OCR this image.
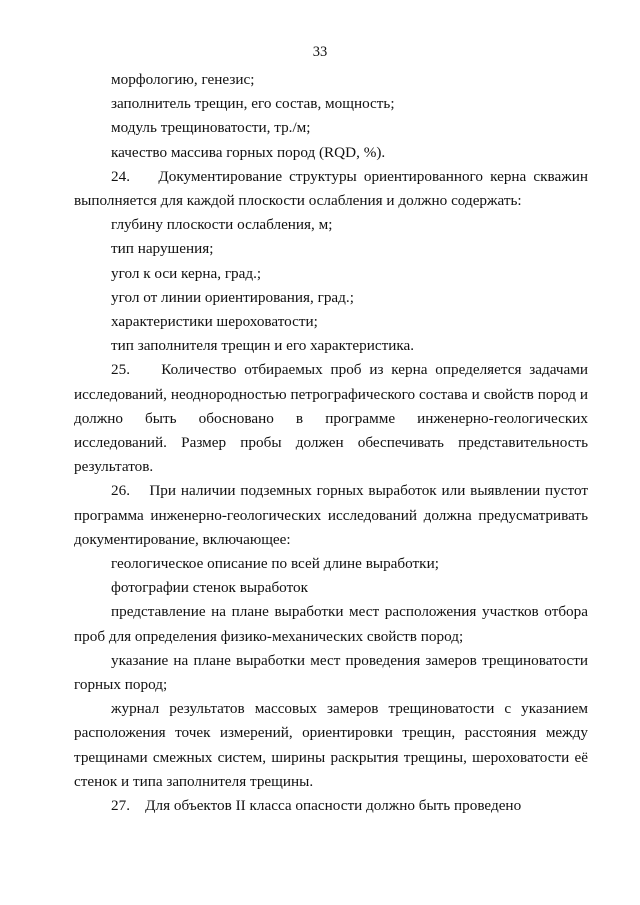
33

морфологию, генезис;

заполнитель трещин, его состав, мощность;

модуль трещиноватости, тр./м;

качество массива горных пород (RQD, %).

24.    Документирование структуры ориентированного керна скважин выполняется для каждой плоскости ослабления и должно содержать:

глубину плоскости ослабления, м;

тип нарушения;

угол к оси керна, град.;

угол от линии ориентирования, град.;

характеристики шероховатости;

тип заполнителя трещин и его характеристика.

25.    Количество отбираемых проб из керна определяется задачами исследований, неоднородностью петрографического состава и свойств пород и должно быть обосновано в программе инженерно-геологических исследований. Размер пробы должен обеспечивать представительность результатов.

26.    При наличии подземных горных выработок или выявлении пустот программа инженерно-геологических исследований должна предусматривать документирование, включающее:

геологическое описание по всей длине выработки;

фотографии стенок выработок

представление на плане выработки мест расположения участков отбора проб для определения физико-механических свойств пород;

указание на плане выработки мест проведения замеров трещиноватости горных пород;

журнал результатов массовых замеров трещиноватости с указанием расположения точек измерений, ориентировки трещин, расстояния между трещинами смежных систем, ширины раскрытия трещины, шероховатости её стенок и типа заполнителя трещины.

27.    Для объектов II класса опасности должно быть проведено
